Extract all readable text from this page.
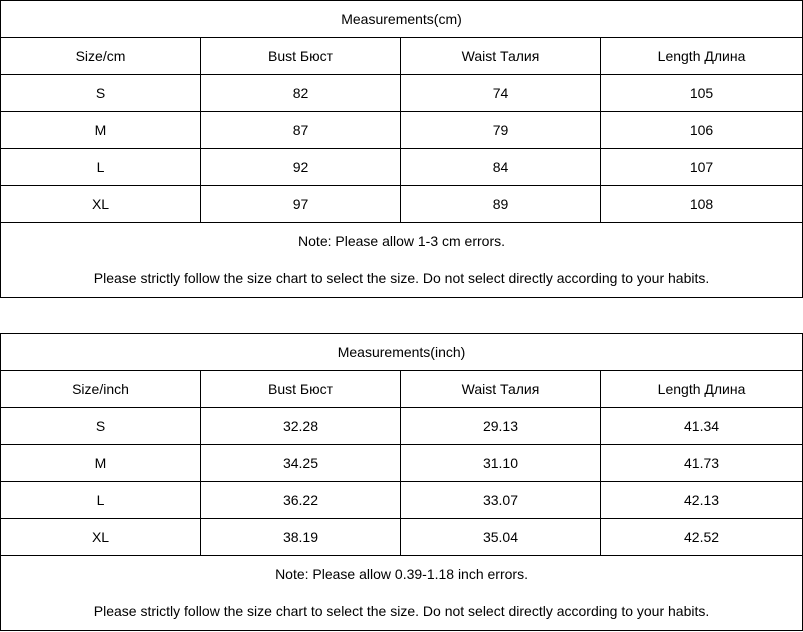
Measurements(cm)			
Size/cm	Bust Бюст	Waist Талия	Length Длина
S	82	74	105
M	87	79	106
L	92	84	107
XL	97	89	108

Note: Please allow 1-3 cm errors.
Please strictly follow the size chart to select the size. Do not select directly according to your habits.			
Measurements(inch)			
Size/inch	Bust Бюст	Waist Талия	Length Длина
S	32.28	29.13	41.34
M	34.25	31.10	41.73
L	36.22	33.07	42.13
XL	38.19	35.04	42.52

Note: Please allow 0.39-1.18 inch errors.
Please strictly follow the size chart to select the size. Do not select directly according to your habits.			
